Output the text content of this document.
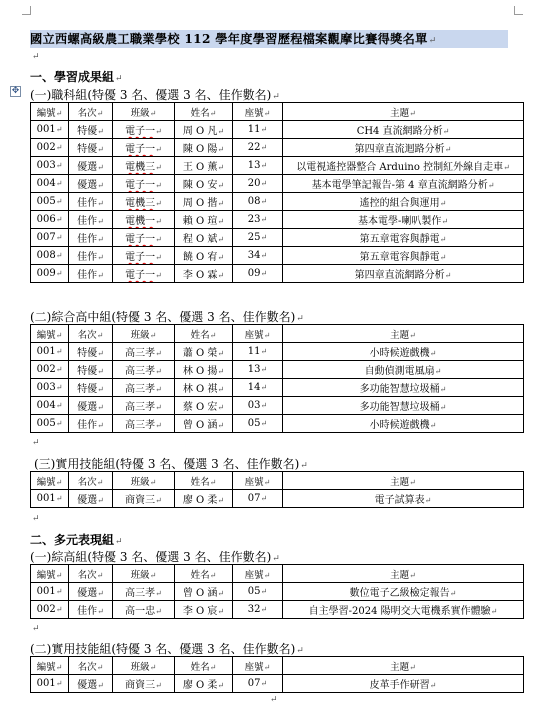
國立西螺高級農工職業學校 112 學年度學習歷程檔案觀摩比賽得獎名單↵
↵
一、學習成果組↵
✥ (一)職科組(特優 3 名、優選 3 名、佳作數名)↵
編號↵	名次↵	班級↵	姓名↵	座號↵	主題↵
001↵	特優↵	電子一↵	周 O 凡↵	11↵	CH4 直流網路分析↵
002↵	特優↵	電子一↵	陳 O 陽↵	22↵	第四章直流迴路分析↵
003↵	優選↵	電機三↵	王 O 薰↵	13↵	以電視遙控器整合 Arduino 控制紅外線自走車↵
004↵	優選↵	電子一↵	陳 O 安↵	20↵	基本電學筆記報告-第 4 章直流網路分析↵
005↵	佳作↵	電機三↵	周 O 揩↵	08↵	遙控的組合與運用↵
006↵	佳作↵	電機一↵	賴 O 瑄↵	23↵	基本電學-喇叭製作↵
007↵	佳作↵	電子一↵	程 O 斌↵	25↵	第五章電容與靜電↵
008↵	佳作↵	電子一↵	饒 O 宥↵	34↵	第五章電容與靜電↵
009↵	佳作↵	電子一↵	李 O 霖↵	09↵	第四章直流網路分析↵
(二)綜合高中組(特優 3 名、優選 3 名、佳作數名)↵
編號↵	名次↵	班級↵	姓名↵	座號↵	主題↵
001↵	特優↵	高三孝↵	蕭 O 榮↵	11↵	小時候遊戲機↵
002↵	特優↵	高三孝↵	林 O 揚↵	13↵	自動偵測電風扇↵
003↵	特優↵	高三孝↵	林 O 祺↵	14↵	多功能智慧垃圾桶↵
004↵	優選↵	高三孝↵	蔡 O 宏↵	03↵	多功能智慧垃圾桶↵
005↵	佳作↵	高三孝↵	曾 O 涵↵	05↵	小時候遊戲機↵
↵
(三)實用技能組(特優 3 名、優選 3 名、佳作數名)↵
編號↵	名次↵	班級↵	姓名↵	座號↵	主題↵
001↵	優選↵	商資三↵	廖 O 柔↵	07↵	電子試算表↵
↵
二、多元表現組↵
(一)綜高組(特優 3 名、優選 3 名、佳作數名)↵
編號↵	名次↵	班級↵	姓名↵	座號↵	主題↵
001↵	優選↵	高三孝↵	曾 O 涵↵	05↵	數位電子乙級檢定報告↵
002↵	佳作↵	高一忠↵	李 O 宸↵	32↵	自主學習-2024 陽明交大電機系實作體驗↵
↵
(二)實用技能組(特優 3 名、優選 3 名、佳作數名)↵
編號↵	名次↵	班級↵	姓名↵	座號↵	主題↵
001↵	優選↵	商資三↵	廖 O 柔↵	07↵	皮革手作研習↵
↵
